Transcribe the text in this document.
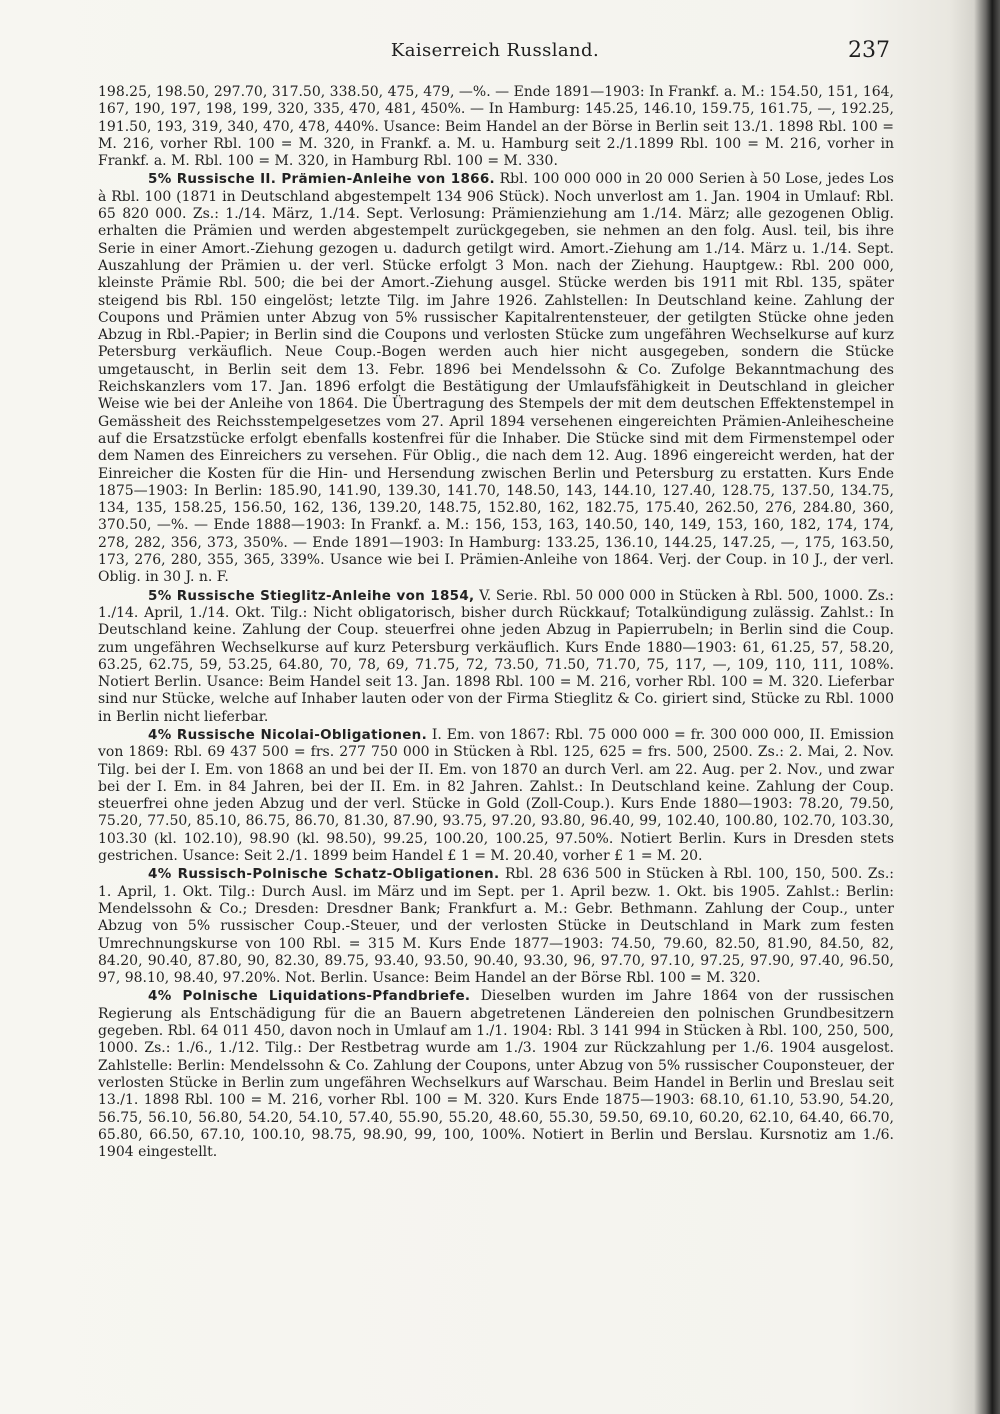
Kaiserreich Russland.	237

198.25, 198.50, 297.70, 317.50, 338.50, 475, 479, —%. — Ende 1891—1903: In Frankf. a. M.: 154.50, 151, 164, 167, 190, 197, 198, 199, 320, 335, 470, 481, 450%. — In Hamburg: 145.25, 146.10, 159.75, 161.75, —, 192.25, 191.50, 193, 319, 340, 470, 478, 440%. Usance: Beim Handel an der Börse in Berlin seit 13./1. 1898 Rbl. 100 = M. 216, vorher Rbl. 100 = M. 320, in Frankf. a. M. u. Hamburg seit 2./1.1899 Rbl. 100 = M. 216, vorher in Frankf. a. M. Rbl. 100 = M. 320, in Hamburg Rbl. 100 = M. 330.

5% Russische II. Prämien-Anleihe von 1866. Rbl. 100 000 000 in 20 000 Serien à 50 Lose, jedes Los à Rbl. 100 (1871 in Deutschland abgestempelt 134 906 Stück). Noch unverlost am 1. Jan. 1904 in Umlauf: Rbl. 65 820 000. Zs.: 1./14. März, 1./14. Sept. Verlosung: Prämienziehung am 1./14. März; alle gezogenen Oblig. erhalten die Prämien und werden abgestempelt zurückgegeben, sie nehmen an den folg. Ausl. teil, bis ihre Serie in einer Amort.-Ziehung gezogen u. dadurch getilgt wird. Amort.-Ziehung am 1./14. März u. 1./14. Sept. Auszahlung der Prämien u. der verl. Stücke erfolgt 3 Mon. nach der Ziehung. Hauptgew.: Rbl. 200 000, kleinste Prämie Rbl. 500; die bei der Amort.-Ziehung ausgel. Stücke werden bis 1911 mit Rbl. 135, später steigend bis Rbl. 150 eingelöst; letzte Tilg. im Jahre 1926. Zahlstellen: In Deutschland keine. Zahlung der Coupons und Prämien unter Abzug von 5% russischer Kapitalrentensteuer, der getilgten Stücke ohne jeden Abzug in Rbl.-Papier; in Berlin sind die Coupons und verlosten Stücke zum ungefähren Wechselkurse auf kurz Petersburg verkäuflich. Neue Coup.-Bogen werden auch hier nicht ausgegeben, sondern die Stücke umgetauscht, in Berlin seit dem 13. Febr. 1896 bei Mendelssohn & Co. Zufolge Bekanntmachung des Reichskanzlers vom 17. Jan. 1896 erfolgt die Bestätigung der Umlaufsfähigkeit in Deutschland in gleicher Weise wie bei der Anleihe von 1864. Die Übertragung des Stempels der mit dem deutschen Effektenstempel in Gemässheit des Reichsstempelgesetzes vom 27. April 1894 versehenen eingereichten Prämien-Anleihescheine auf die Ersatzstücke erfolgt ebenfalls kostenfrei für die Inhaber. Die Stücke sind mit dem Firmenstempel oder dem Namen des Einreichers zu versehen. Für Oblig., die nach dem 12. Aug. 1896 eingereicht werden, hat der Einreicher die Kosten für die Hin- und Hersendung zwischen Berlin und Petersburg zu erstatten. Kurs Ende 1875—1903: In Berlin: 185.90, 141.90, 139.30, 141.70, 148.50, 143, 144.10, 127.40, 128.75, 137.50, 134.75, 134, 135, 158.25, 156.50, 162, 136, 139.20, 148.75, 152.80, 162, 182.75, 175.40, 262.50, 276, 284.80, 360, 370.50, —%. — Ende 1888—1903: In Frankf. a. M.: 156, 153, 163, 140.50, 140, 149, 153, 160, 182, 174, 174, 278, 282, 356, 373, 350%. — Ende 1891—1903: In Hamburg: 133.25, 136.10, 144.25, 147.25, —, 175, 163.50, 173, 276, 280, 355, 365, 339%. Usance wie bei I. Prämien-Anleihe von 1864. Verj. der Coup. in 10 J., der verl. Oblig. in 30 J. n. F.

5% Russische Stieglitz-Anleihe von 1854, V. Serie. Rbl. 50 000 000 in Stücken à Rbl. 500, 1000. Zs.: 1./14. April, 1./14. Okt. Tilg.: Nicht obligatorisch, bisher durch Rückkauf; Totalkündigung zulässig. Zahlst.: In Deutschland keine. Zahlung der Coup. steuerfrei ohne jeden Abzug in Papierrubeln; in Berlin sind die Coup. zum ungefähren Wechselkurse auf kurz Petersburg verkäuflich. Kurs Ende 1880—1903: 61, 61.25, 57, 58.20, 63.25, 62.75, 59, 53.25, 64.80, 70, 78, 69, 71.75, 72, 73.50, 71.50, 71.70, 75, 117, —, 109, 110, 111, 108%. Notiert Berlin. Usance: Beim Handel seit 13. Jan. 1898 Rbl. 100 = M. 216, vorher Rbl. 100 = M. 320. Lieferbar sind nur Stücke, welche auf Inhaber lauten oder von der Firma Stieglitz & Co. giriert sind, Stücke zu Rbl. 1000 in Berlin nicht lieferbar.

4% Russische Nicolai-Obligationen. I. Em. von 1867: Rbl. 75 000 000 = fr. 300 000 000, II. Emission von 1869: Rbl. 69 437 500 = frs. 277 750 000 in Stücken à Rbl. 125, 625 = frs. 500, 2500. Zs.: 2. Mai, 2. Nov. Tilg. bei der I. Em. von 1868 an und bei der II. Em. von 1870 an durch Verl. am 22. Aug. per 2. Nov., und zwar bei der I. Em. in 84 Jahren, bei der II. Em. in 82 Jahren. Zahlst.: In Deutschland keine. Zahlung der Coup. steuerfrei ohne jeden Abzug und der verl. Stücke in Gold (Zoll-Coup.). Kurs Ende 1880—1903: 78.20, 79.50, 75.20, 77.50, 85.10, 86.75, 86.70, 81.30, 87.90, 93.75, 97.20, 93.80, 96.40, 99, 102.40, 100.80, 102.70, 103.30, 103.30 (kl. 102.10), 98.90 (kl. 98.50), 99.25, 100.20, 100.25, 97.50%. Notiert Berlin. Kurs in Dresden stets gestrichen. Usance: Seit 2./1. 1899 beim Handel £ 1 = M. 20.40, vorher £ 1 = M. 20.

4% Russisch-Polnische Schatz-Obligationen. Rbl. 28 636 500 in Stücken à Rbl. 100, 150, 500. Zs.: 1. April, 1. Okt. Tilg.: Durch Ausl. im März und im Sept. per 1. April bezw. 1. Okt. bis 1905. Zahlst.: Berlin: Mendelssohn & Co.; Dresden: Dresdner Bank; Frankfurt a. M.: Gebr. Bethmann. Zahlung der Coup., unter Abzug von 5% russischer Coup.-Steuer, und der verlosten Stücke in Deutschland in Mark zum festen Umrechnungskurse von 100 Rbl. = 315 M. Kurs Ende 1877—1903: 74.50, 79.60, 82.50, 81.90, 84.50, 82, 84.20, 90.40, 87.80, 90, 82.30, 89.75, 93.40, 93.50, 90.40, 93.30, 96, 97.70, 97.10, 97.25, 97.90, 97.40, 96.50, 97, 98.10, 98.40, 97.20%. Not. Berlin. Usance: Beim Handel an der Börse Rbl. 100 = M. 320.

4% Polnische Liquidations-Pfandbriefe. Dieselben wurden im Jahre 1864 von der russischen Regierung als Entschädigung für die an Bauern abgetretenen Ländereien den polnischen Grundbesitzern gegeben. Rbl. 64 011 450, davon noch in Umlauf am 1./1. 1904: Rbl. 3 141 994 in Stücken à Rbl. 100, 250, 500, 1000. Zs.: 1./6., 1./12. Tilg.: Der Restbetrag wurde am 1./3. 1904 zur Rückzahlung per 1./6. 1904 ausgelost. Zahlstelle: Berlin: Mendelssohn & Co. Zahlung der Coupons, unter Abzug von 5% russischer Couponsteuer, der verlosten Stücke in Berlin zum ungefähren Wechselkurs auf Warschau. Beim Handel in Berlin und Breslau seit 13./1. 1898 Rbl. 100 = M. 216, vorher Rbl. 100 = M. 320. Kurs Ende 1875—1903: 68.10, 61.10, 53.90, 54.20, 56.75, 56.10, 56.80, 54.20, 54.10, 57.40, 55.90, 55.20, 48.60, 55.30, 59.50, 69.10, 60.20, 62.10, 64.40, 66.70, 65.80, 66.50, 67.10, 100.10, 98.75, 98.90, 99, 100, 100%. Notiert in Berlin und Berslau. Kursnotiz am 1./6. 1904 eingestellt.
